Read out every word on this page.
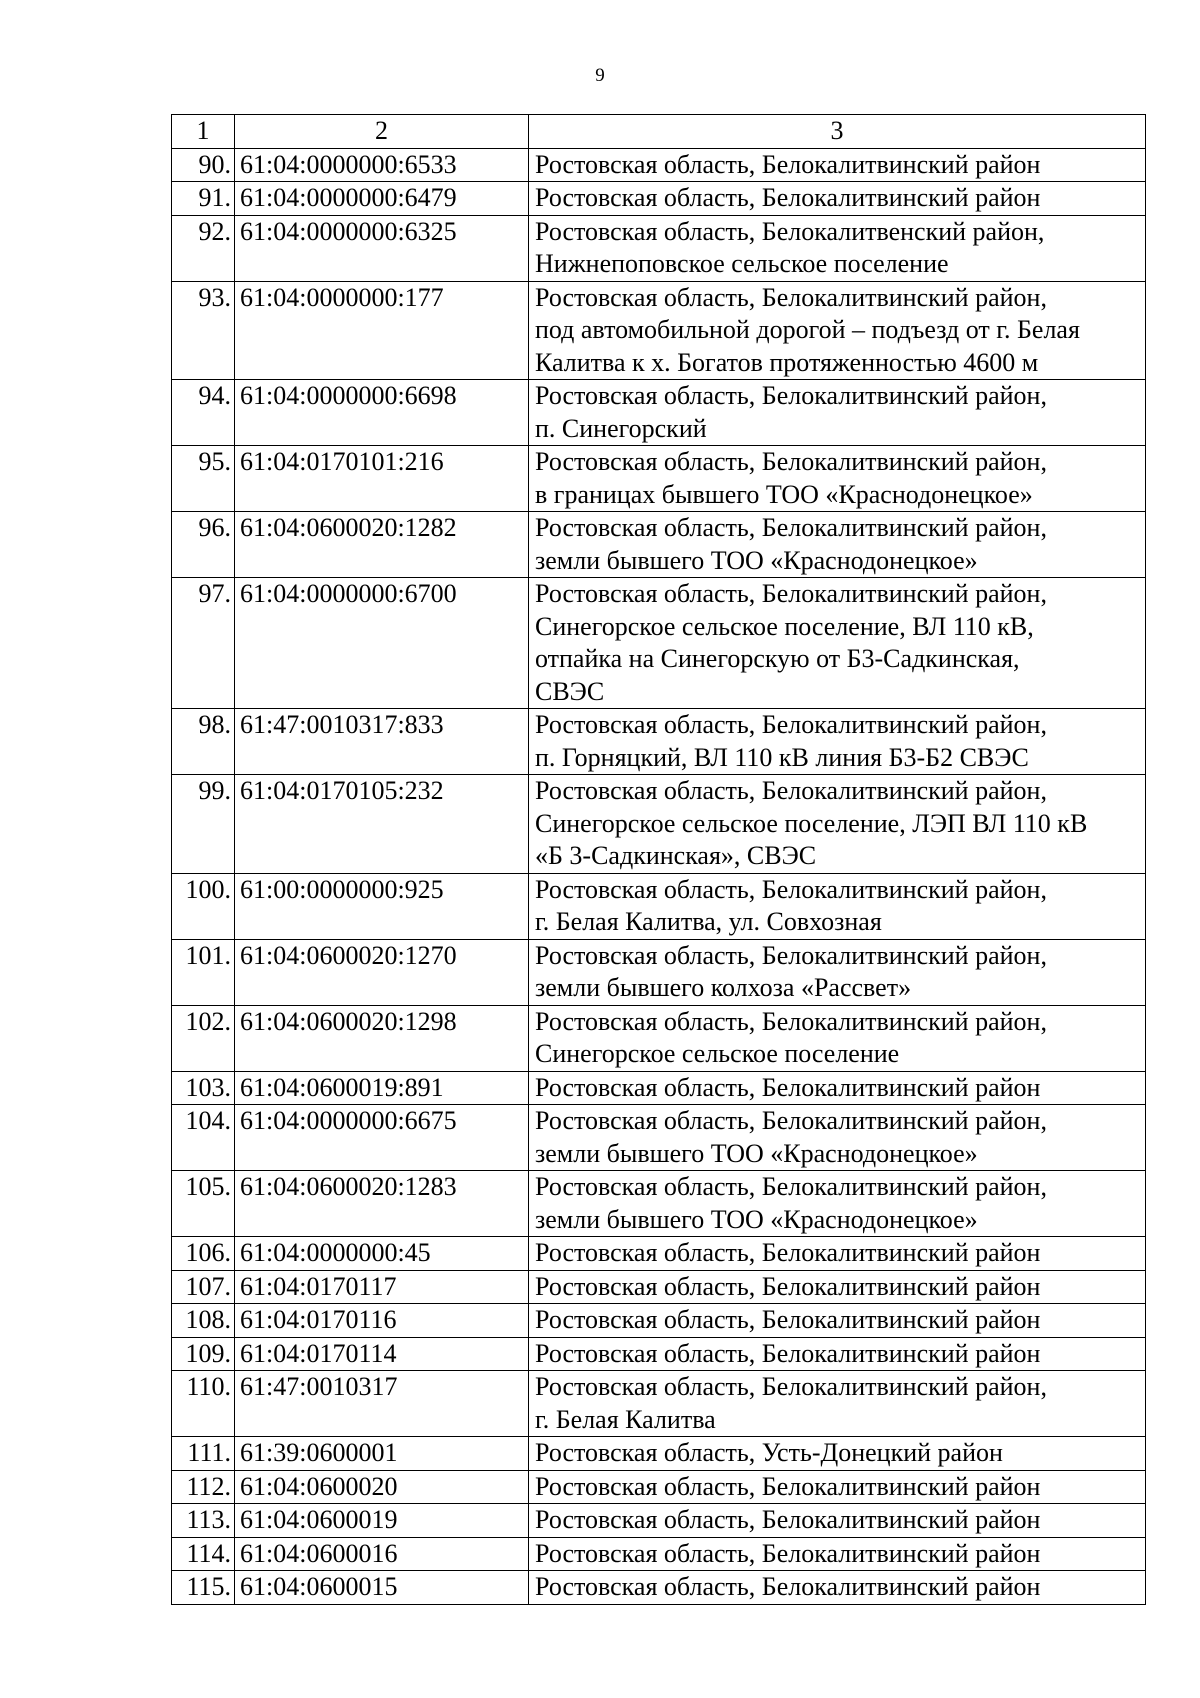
9
1	2	3
90.	61:04:0000000:6533	Ростовская область, Белокалитвинский район

91.	61:04:0000000:6479	Ростовская область, Белокалитвинский район

92.	61:04:0000000:6325	Ростовская область, Белокалитвенский район,
Нижнепоповское сельское поселение

93.	61:04:0000000:177	Ростовская область, Белокалитвинский район,
под автомобильной дорогой – подъезд от г. Белая
Калитва к х. Богатов протяженностью 4600 м

94.	61:04:0000000:6698	Ростовская область, Белокалитвинский район,
п. Синегорский

95.	61:04:0170101:216	Ростовская область, Белокалитвинский район,
в границах бывшего ТОО «Краснодонецкое»

96.	61:04:0600020:1282	Ростовская область, Белокалитвинский район,
земли бывшего ТОО «Краснодонецкое»

97.	61:04:0000000:6700	Ростовская область, Белокалитвинский район,
Синегорское сельское поселение, ВЛ 110 кВ,
отпайка на Синегорскую от Б3-Садкинская,
СВЭС

98.	61:47:0010317:833	Ростовская область, Белокалитвинский район,
п. Горняцкий, ВЛ 110 кВ линия Б3-Б2 СВЭС

99.	61:04:0170105:232	Ростовская область, Белокалитвинский район,
Синегорское сельское поселение, ЛЭП ВЛ 110 кВ
«Б 3-Садкинская», СВЭС

100.	61:00:0000000:925	Ростовская область, Белокалитвинский район,
г. Белая Калитва, ул. Совхозная

101.	61:04:0600020:1270	Ростовская область, Белокалитвинский район,
земли бывшего колхоза «Рассвет»

102.	61:04:0600020:1298	Ростовская область, Белокалитвинский район,
Синегорское сельское поселение

103.	61:04:0600019:891	Ростовская область, Белокалитвинский район

104.	61:04:0000000:6675	Ростовская область, Белокалитвинский район,
земли бывшего ТОО «Краснодонецкое»

105.	61:04:0600020:1283	Ростовская область, Белокалитвинский район,
земли бывшего ТОО «Краснодонецкое»

106.	61:04:0000000:45	Ростовская область, Белокалитвинский район

107.	61:04:0170117	Ростовская область, Белокалитвинский район

108.	61:04:0170116	Ростовская область, Белокалитвинский район

109.	61:04:0170114	Ростовская область, Белокалитвинский район

110.	61:47:0010317	Ростовская область, Белокалитвинский район,
г. Белая Калитва

111.	61:39:0600001	Ростовская область, Усть-Донецкий район

112.	61:04:0600020	Ростовская область, Белокалитвинский район

113.	61:04:0600019	Ростовская область, Белокалитвинский район

114.	61:04:0600016	Ростовская область, Белокалитвинский район

115.	61:04:0600015	Ростовская область, Белокалитвинский район
